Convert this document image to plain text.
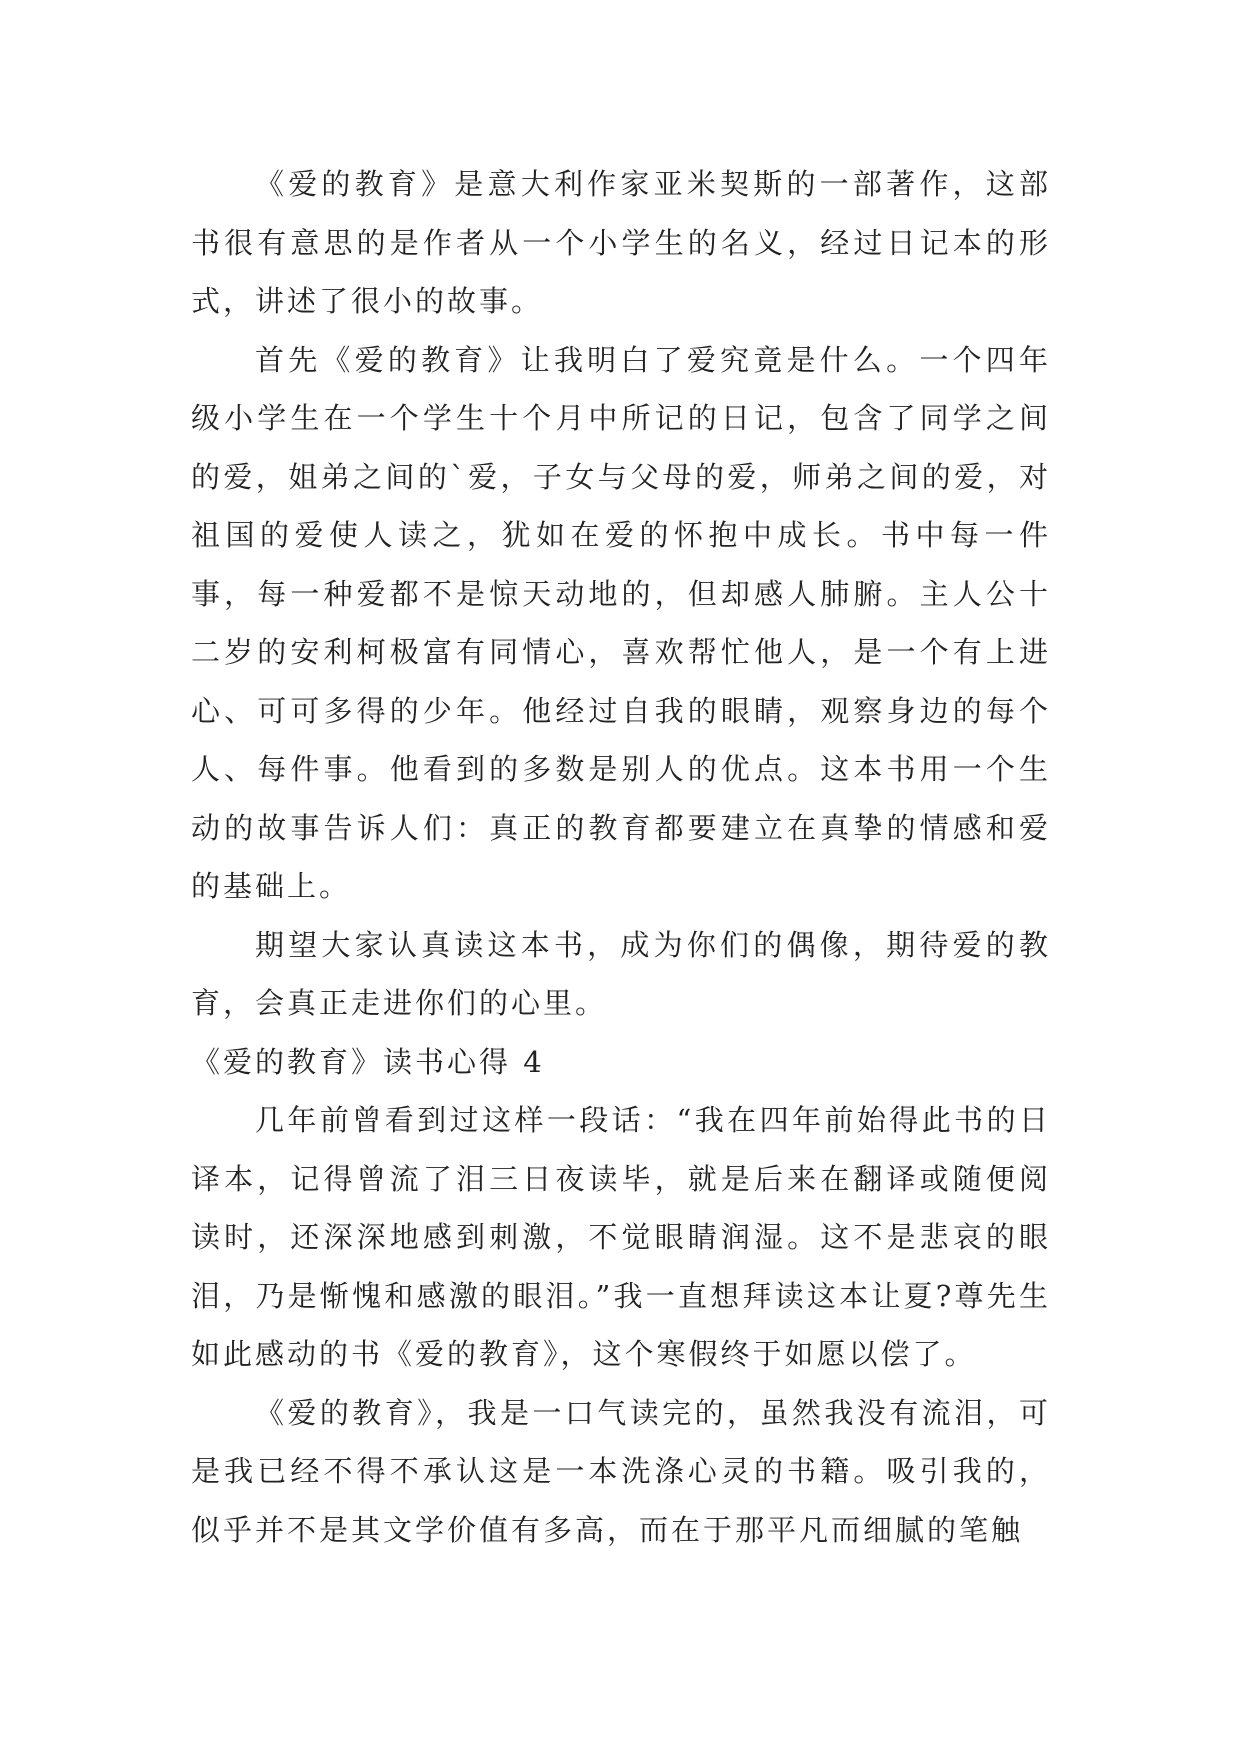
《爱的教育》是意大利作家亚米契斯的一部著作，这部书很有意思的是作者从一个小学生的名义，经过日记本的形式，讲述了很小的故事。

首先《爱的教育》让我明白了爱究竟是什么。一个四年级小学生在一个学生十个月中所记的日记，包含了同学之间的爱，姐弟之间的`爱，子女与父母的爱，师弟之间的爱，对祖国的爱使人读之，犹如在爱的怀抱中成长。书中每一件事，每一种爱都不是惊天动地的，但却感人肺腑。主人公十二岁的安利柯极富有同情心，喜欢帮忙他人，是一个有上进心、可可多得的少年。他经过自我的眼睛，观察身边的每个人、每件事。他看到的多数是别人的优点。这本书用一个生动的故事告诉人们：真正的教育都要建立在真挚的情感和爱的基础上。

期望大家认真读这本书，成为你们的偶像，期待爱的教育，会真正走进你们的心里。

《爱的教育》读书心得 4

几年前曾看到过这样一段话：“我在四年前始得此书的日译本，记得曾流了泪三日夜读毕，就是后来在翻译或随便阅读时，还深深地感到刺激，不觉眼睛润湿。这不是悲哀的眼泪，乃是惭愧和感激的眼泪。”我一直想拜读这本让夏?尊先生如此感动的书《爱的教育》，这个寒假终于如愿以偿了。

《爱的教育》，我是一口气读完的，虽然我没有流泪，可是我已经不得不承认这是一本洗涤心灵的书籍。吸引我的，似乎并不是其文学价值有多高，而在于那平凡而细腻的笔触
